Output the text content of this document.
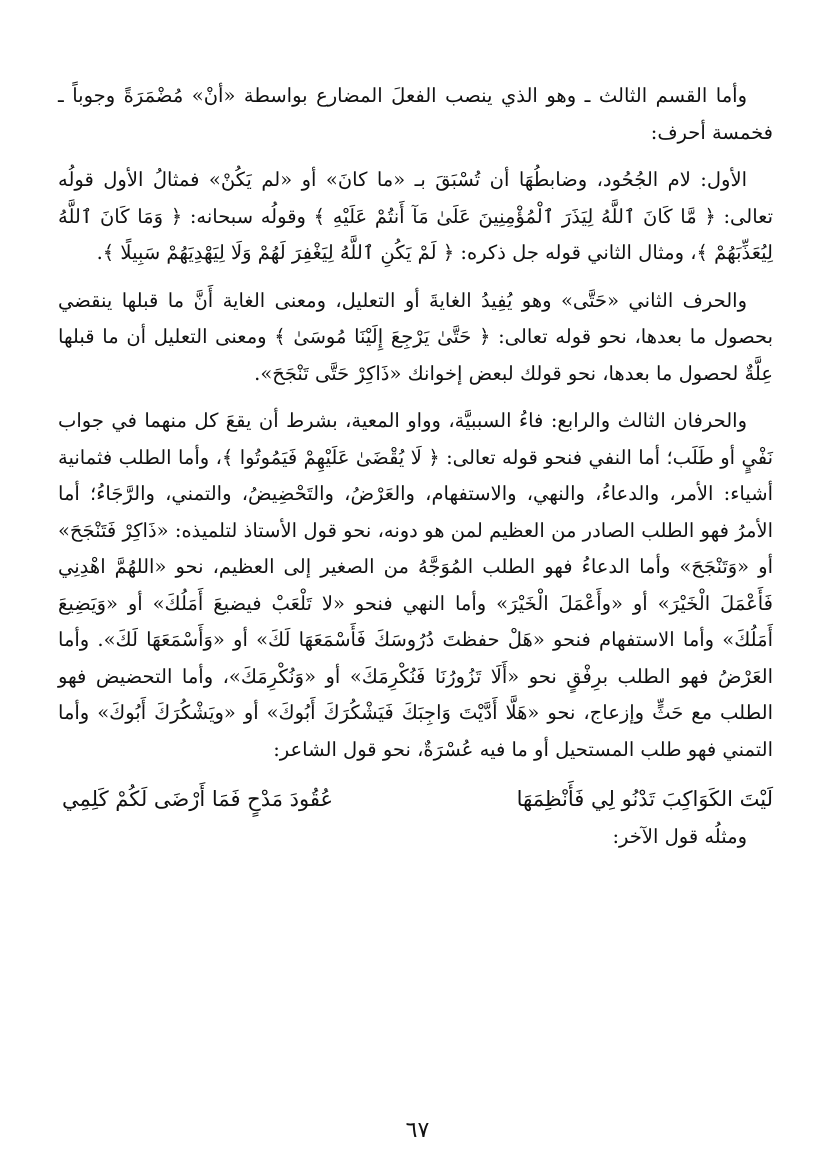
وأما القسم الثالث ـ وهو الذي ينصب الفعلَ المضارع بواسطة «أنْ» مُضْمَرَةً وجوباً ـ فخمسة أحرف:

الأول: لام الجُحُود، وضابطُهَا أن تُسْبَقَ بـ «ما كانَ» أو «لم يَكُنْ» فمثالُ الأول قولُه تعالى: ﴿ مَّا كَانَ ٱللَّهُ لِيَذَرَ ٱلْمُؤْمِنِينَ عَلَىٰ مَآ أَنتُمْ عَلَيْهِ ﴾ وقولُه سبحانه: ﴿ وَمَا كَانَ ٱللَّهُ لِيُعَذِّبَهُمْ ﴾، ومثال الثاني قوله جل ذكره: ﴿ لَمْ يَكُنِ ٱللَّهُ لِيَغْفِرَ لَهُمْ وَلَا لِيَهْدِيَهُمْ سَبِيلًا ﴾.

والحرف الثاني «حَتَّى» وهو يُفِيدُ الغايةَ أو التعليل، ومعنى الغاية أَنَّ ما قبلها ينقضي بحصول ما بعدها، نحو قوله تعالى: ﴿ حَتَّىٰ يَرْجِعَ إِلَيْنَا مُوسَىٰ ﴾ ومعنى التعليل أن ما قبلها عِلَّةٌ لحصول ما بعدها، نحو قولك لبعض إخوانك «ذَاكِرْ حَتَّى تَنْجَحَ».

والحرفان الثالث والرابع: فاءُ السببيَّة، وواو المعية، بشرط أن يقعَ كل منهما في جواب نَفْيٍ أو طَلَب؛ أما النفي فنحو قوله تعالى: ﴿ لَا يُقْضَىٰ عَلَيْهِمْ فَيَمُوتُوا ﴾، وأما الطلب فثمانية أشياء: الأمر، والدعاءُ، والنهي، والاستفهام، والعَرْضُ، والتَحْضِيضُ، والتمني، والرَّجَاءُ؛ أما الأمرُ فهو الطلب الصادر من العظيم لمن هو دونه، نحو قول الأستاذ لتلميذه: «ذَاكِرْ فَتَنْجَحَ» أو «وَتَنْجَحَ» وأما الدعاءُ فهو الطلب المُوَجَّهُ من الصغير إلى العظيم، نحو «اللهُمَّ اهْدِنِي فَأَعْمَلَ الْخَيْرَ» أو «وأَعْمَلَ الْخَيْرَ» وأما النهي فنحو «لا تَلْعَبْ فيضيعَ أَمَلُكَ» أو «وَيَضِيعَ أَمَلُكَ» وأما الاستفهام فنحو «هَلْ حفظتَ دُرُوسَكَ فَأَسْمَعَهَا لَكَ» أو «وَأَسْمَعَهَا لَكَ». وأما العَرْضُ فهو الطلب برِفْقٍ نحو «أَلَا تَزُورُنَا فَنُكْرِمَكَ» أو «وَنُكْرِمَكَ»، وأما التحضيض فهو الطلب مع حَثٍّ وإزعاج، نحو «هَلَّا أَدَّيْتَ وَاجِبَكَ فَيَشْكُرَكَ أَبُوكَ» أو «ويَشْكُرَكَ أَبُوكَ» وأما التمني فهو طلب المستحيل أو ما فيه عُسْرَةٌ، نحو قول الشاعر:

لَيْتَ الكَوَاكِبَ تَدْنُو لِي فَأَنْظِمَهَا
عُقُودَ مَدْحٍ فَمَا أَرْضَى لَكُمْ كَلِمِي

ومثلُه قول الآخر:

٦٧
